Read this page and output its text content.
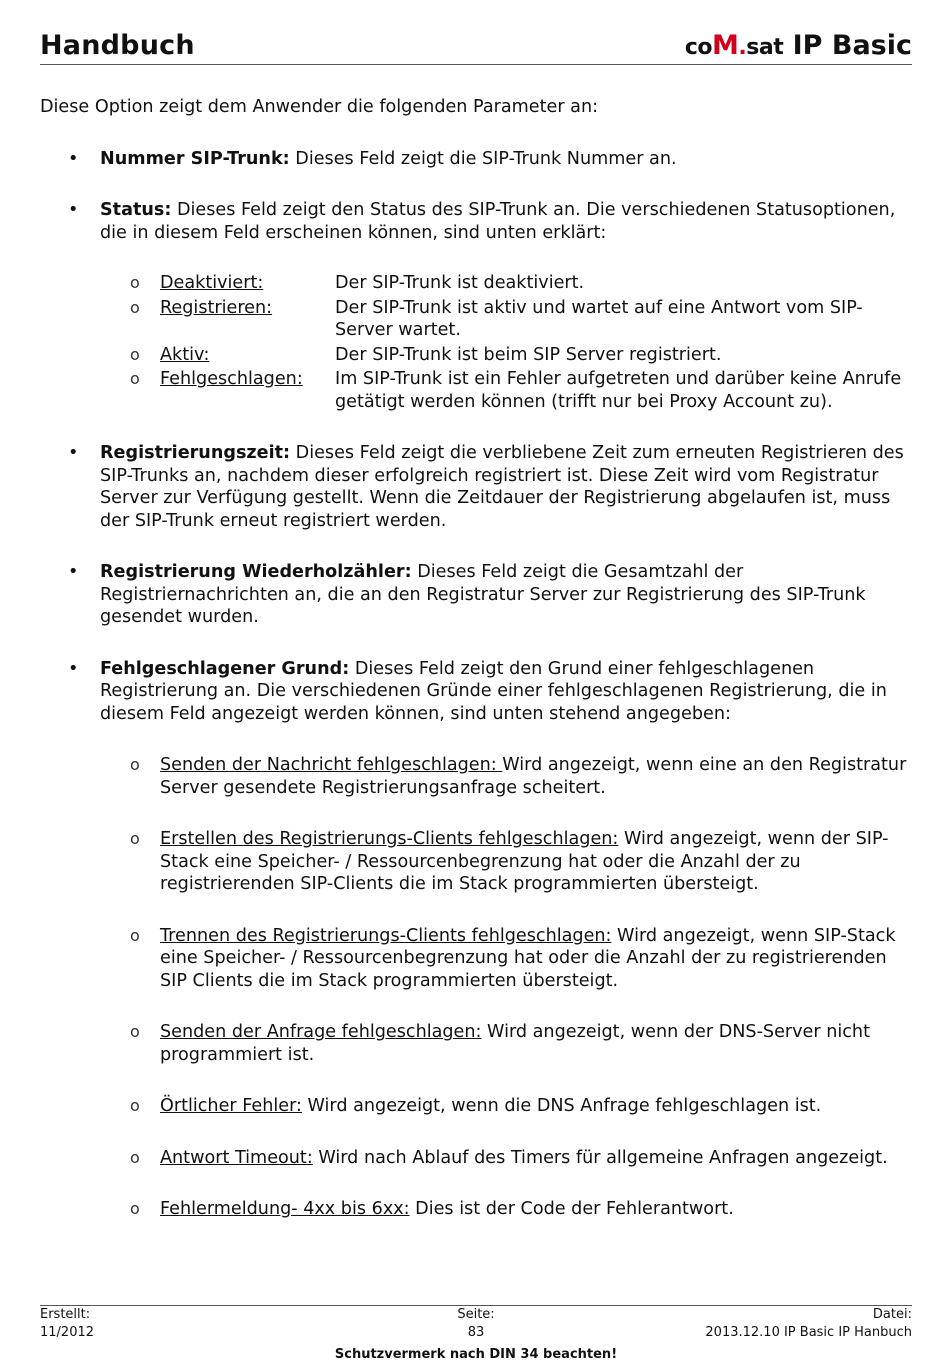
Handbuch	coM.sat IP Basic

Diese Option zeigt dem Anwender die folgenden Parameter an:

• Nummer SIP-Trunk: Dieses Feld zeigt die SIP-Trunk Nummer an.
• Status: Dieses Feld zeigt den Status des SIP-Trunk an. Die verschiedenen Statusoptionen, die in diesem Feld erscheinen können, sind unten erklärt:
o Deaktiviert:	Der SIP-Trunk ist deaktiviert.
o Registrieren:	Der SIP-Trunk ist aktiv und wartet auf eine Antwort vom SIP-Server wartet.
o Aktiv:	Der SIP-Trunk ist beim SIP Server registriert.
o Fehlgeschlagen:	Im SIP-Trunk ist ein Fehler aufgetreten und darüber keine Anrufe getätigt werden können (trifft nur bei Proxy Account zu).
• Registrierungszeit: Dieses Feld zeigt die verbliebene Zeit zum erneuten Registrieren des SIP-Trunks an, nachdem dieser erfolgreich registriert ist. Diese Zeit wird vom Registratur Server zur Verfügung gestellt. Wenn die Zeitdauer der Registrierung abgelaufen ist, muss der SIP-Trunk erneut registriert werden.
• Registrierung Wiederholzähler: Dieses Feld zeigt die Gesamtzahl der Registriernachrichten an, die an den Registratur Server zur Registrierung des SIP-Trunk gesendet wurden.
• Fehlgeschlagener Grund: Dieses Feld zeigt den Grund einer fehlgeschlagenen Registrierung an. Die verschiedenen Gründe einer fehlgeschlagenen Registrierung, die in diesem Feld angezeigt werden können, sind unten stehend angegeben:
o Senden der Nachricht fehlgeschlagen: Wird angezeigt, wenn eine an den Registratur Server gesendete Registrierungsanfrage scheitert.
o Erstellen des Registrierungs-Clients fehlgeschlagen: Wird angezeigt, wenn der SIP-Stack eine Speicher- / Ressourcenbegrenzung hat oder die Anzahl der zu registrierenden SIP-Clients die im Stack programmierten übersteigt.
o Trennen des Registrierungs-Clients fehlgeschlagen: Wird angezeigt, wenn SIP-Stack eine Speicher- / Ressourcenbegrenzung hat oder die Anzahl der zu registrierenden SIP Clients die im Stack programmierten übersteigt.
o Senden der Anfrage fehlgeschlagen: Wird angezeigt, wenn der DNS-Server nicht programmiert ist.
o Örtlicher Fehler: Wird angezeigt, wenn die DNS Anfrage fehlgeschlagen ist.
o Antwort Timeout: Wird nach Ablauf des Timers für allgemeine Anfragen angezeigt.
o Fehlermeldung- 4xx bis 6xx: Dies ist der Code der Fehlerantwort.
Erstellt:	Seite:	Datei:
11/2012	83	2013.12.10 IP Basic IP Hanbuch
Schutzvermerk nach DIN 34 beachten!
